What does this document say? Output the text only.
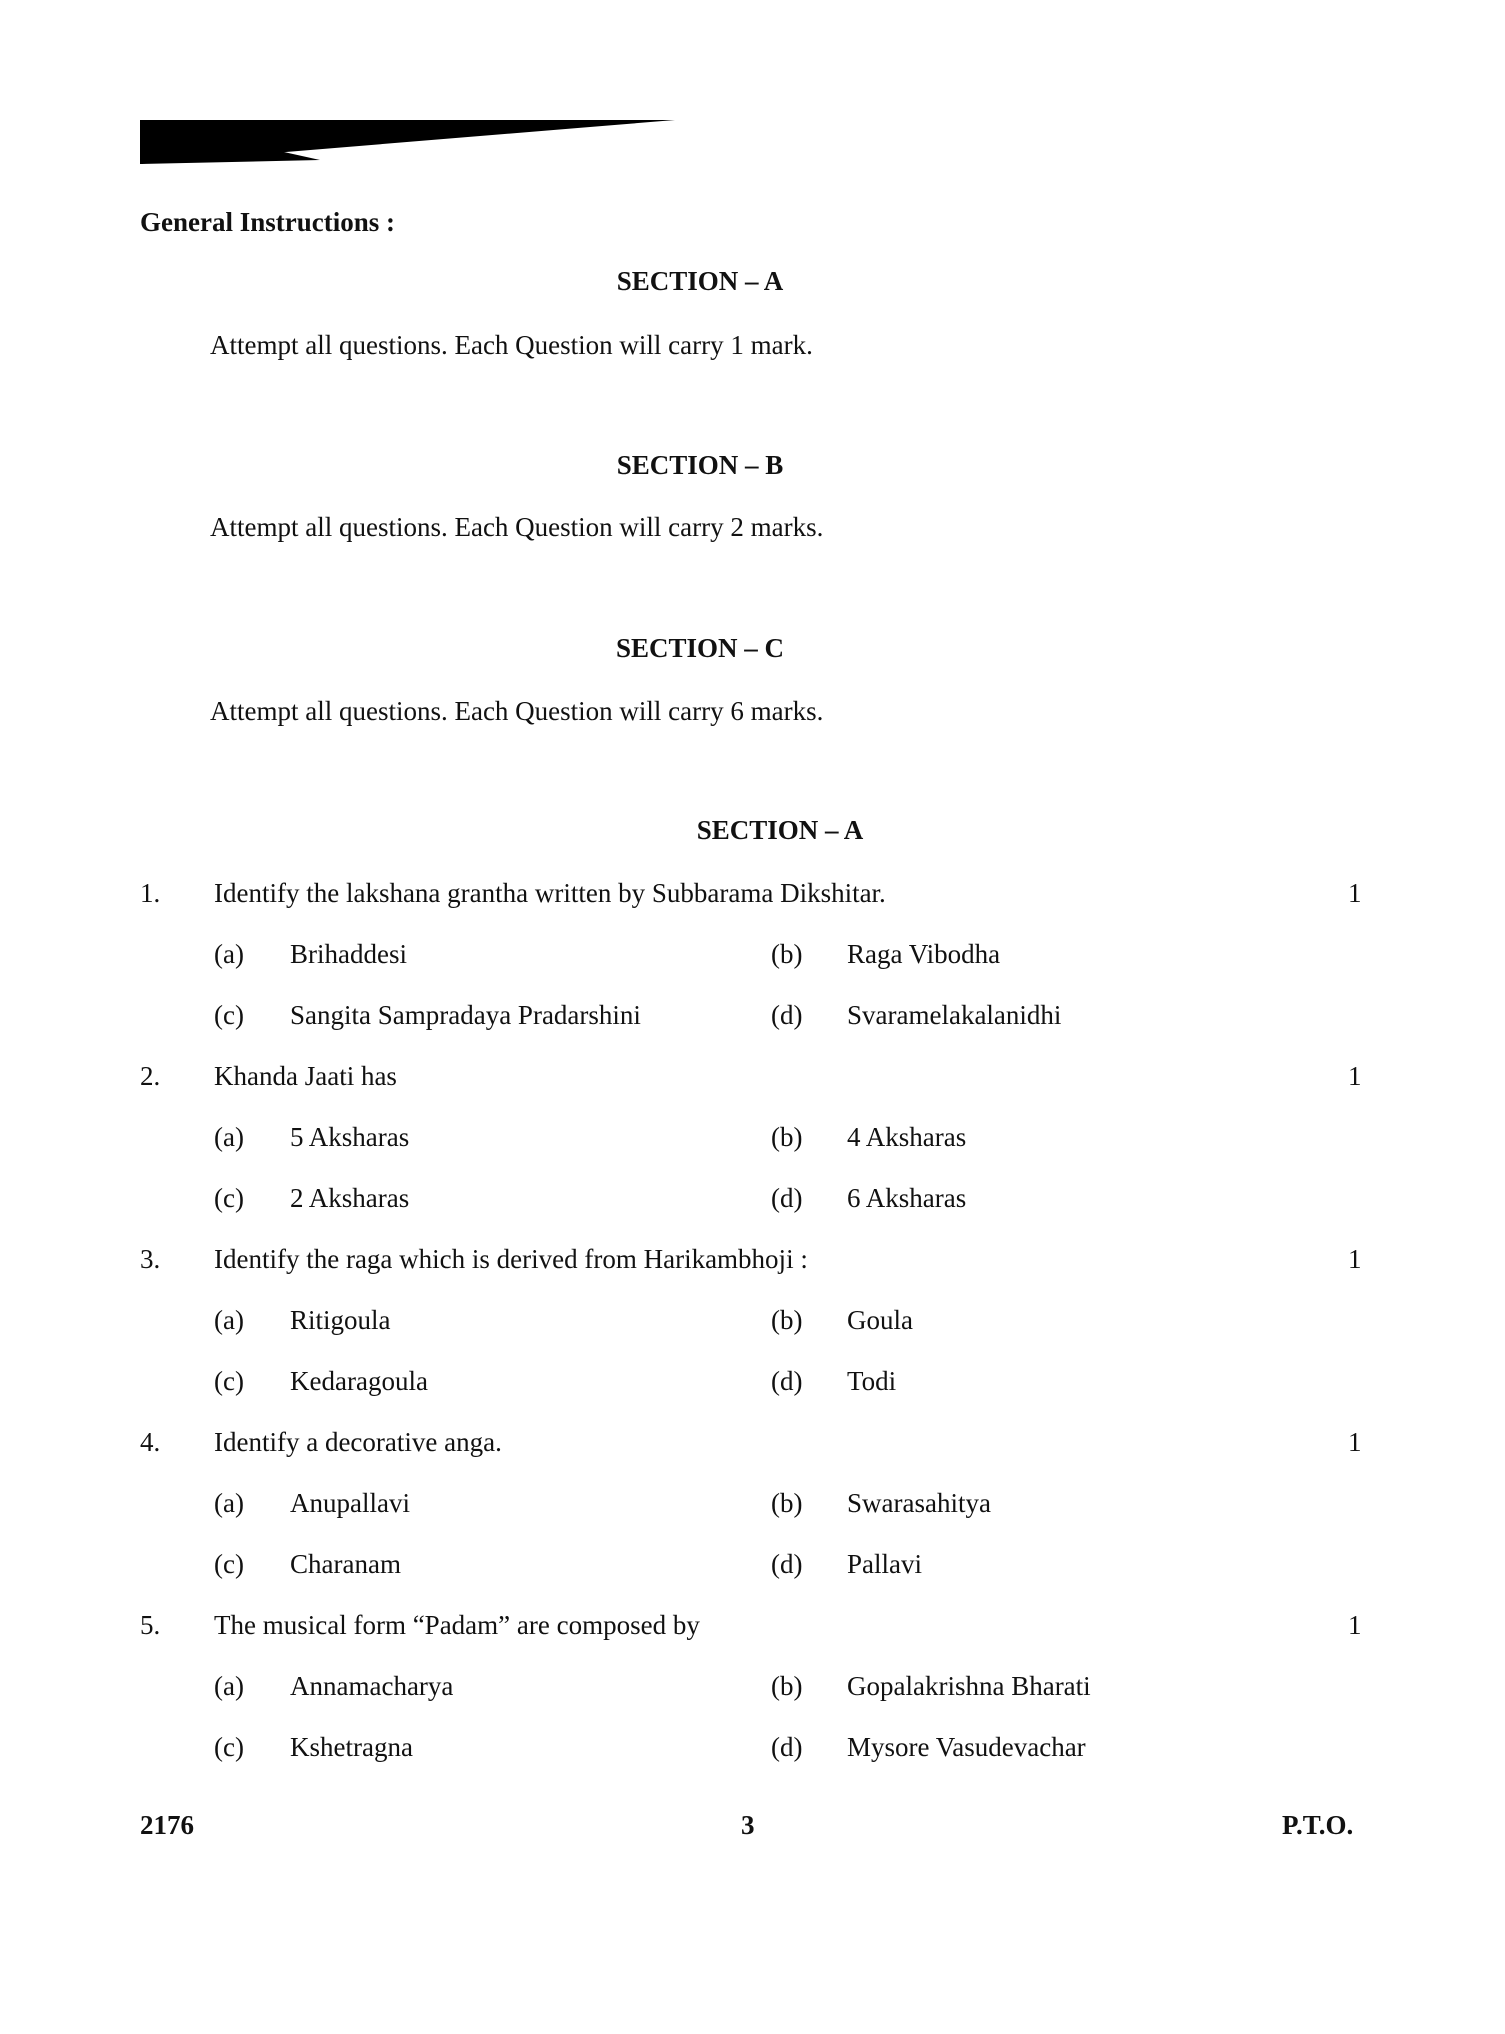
General Instructions :
SECTION – A
Attempt all questions. Each Question will carry 1 mark.
SECTION – B
Attempt all questions. Each Question will carry 2 marks.
SECTION – C
Attempt all questions. Each Question will carry 6 marks.
SECTION – A
1. Identify the lakshana grantha written by Subbarama Dikshitar.	1
(a) Brihaddesi	(b) Raga Vibodha
(c) Sangita Sampradaya Pradarshini	(d) Svaramelakalanidhi
2. Khanda Jaati has	1
(a) 5 Aksharas	(b) 4 Aksharas
(c) 2 Aksharas	(d) 6 Aksharas
3. Identify the raga which is derived from Harikambhoji :	1
(a) Ritigoula	(b) Goula
(c) Kedaragoula	(d) Todi
4. Identify a decorative anga.	1
(a) Anupallavi	(b) Swarasahitya
(c) Charanam	(d) Pallavi
5. The musical form “Padam” are composed by	1
(a) Annamacharya	(b) Gopalakrishna Bharati
(c) Kshetragna	(d) Mysore Vasudevachar
2176	3	P.T.O.
